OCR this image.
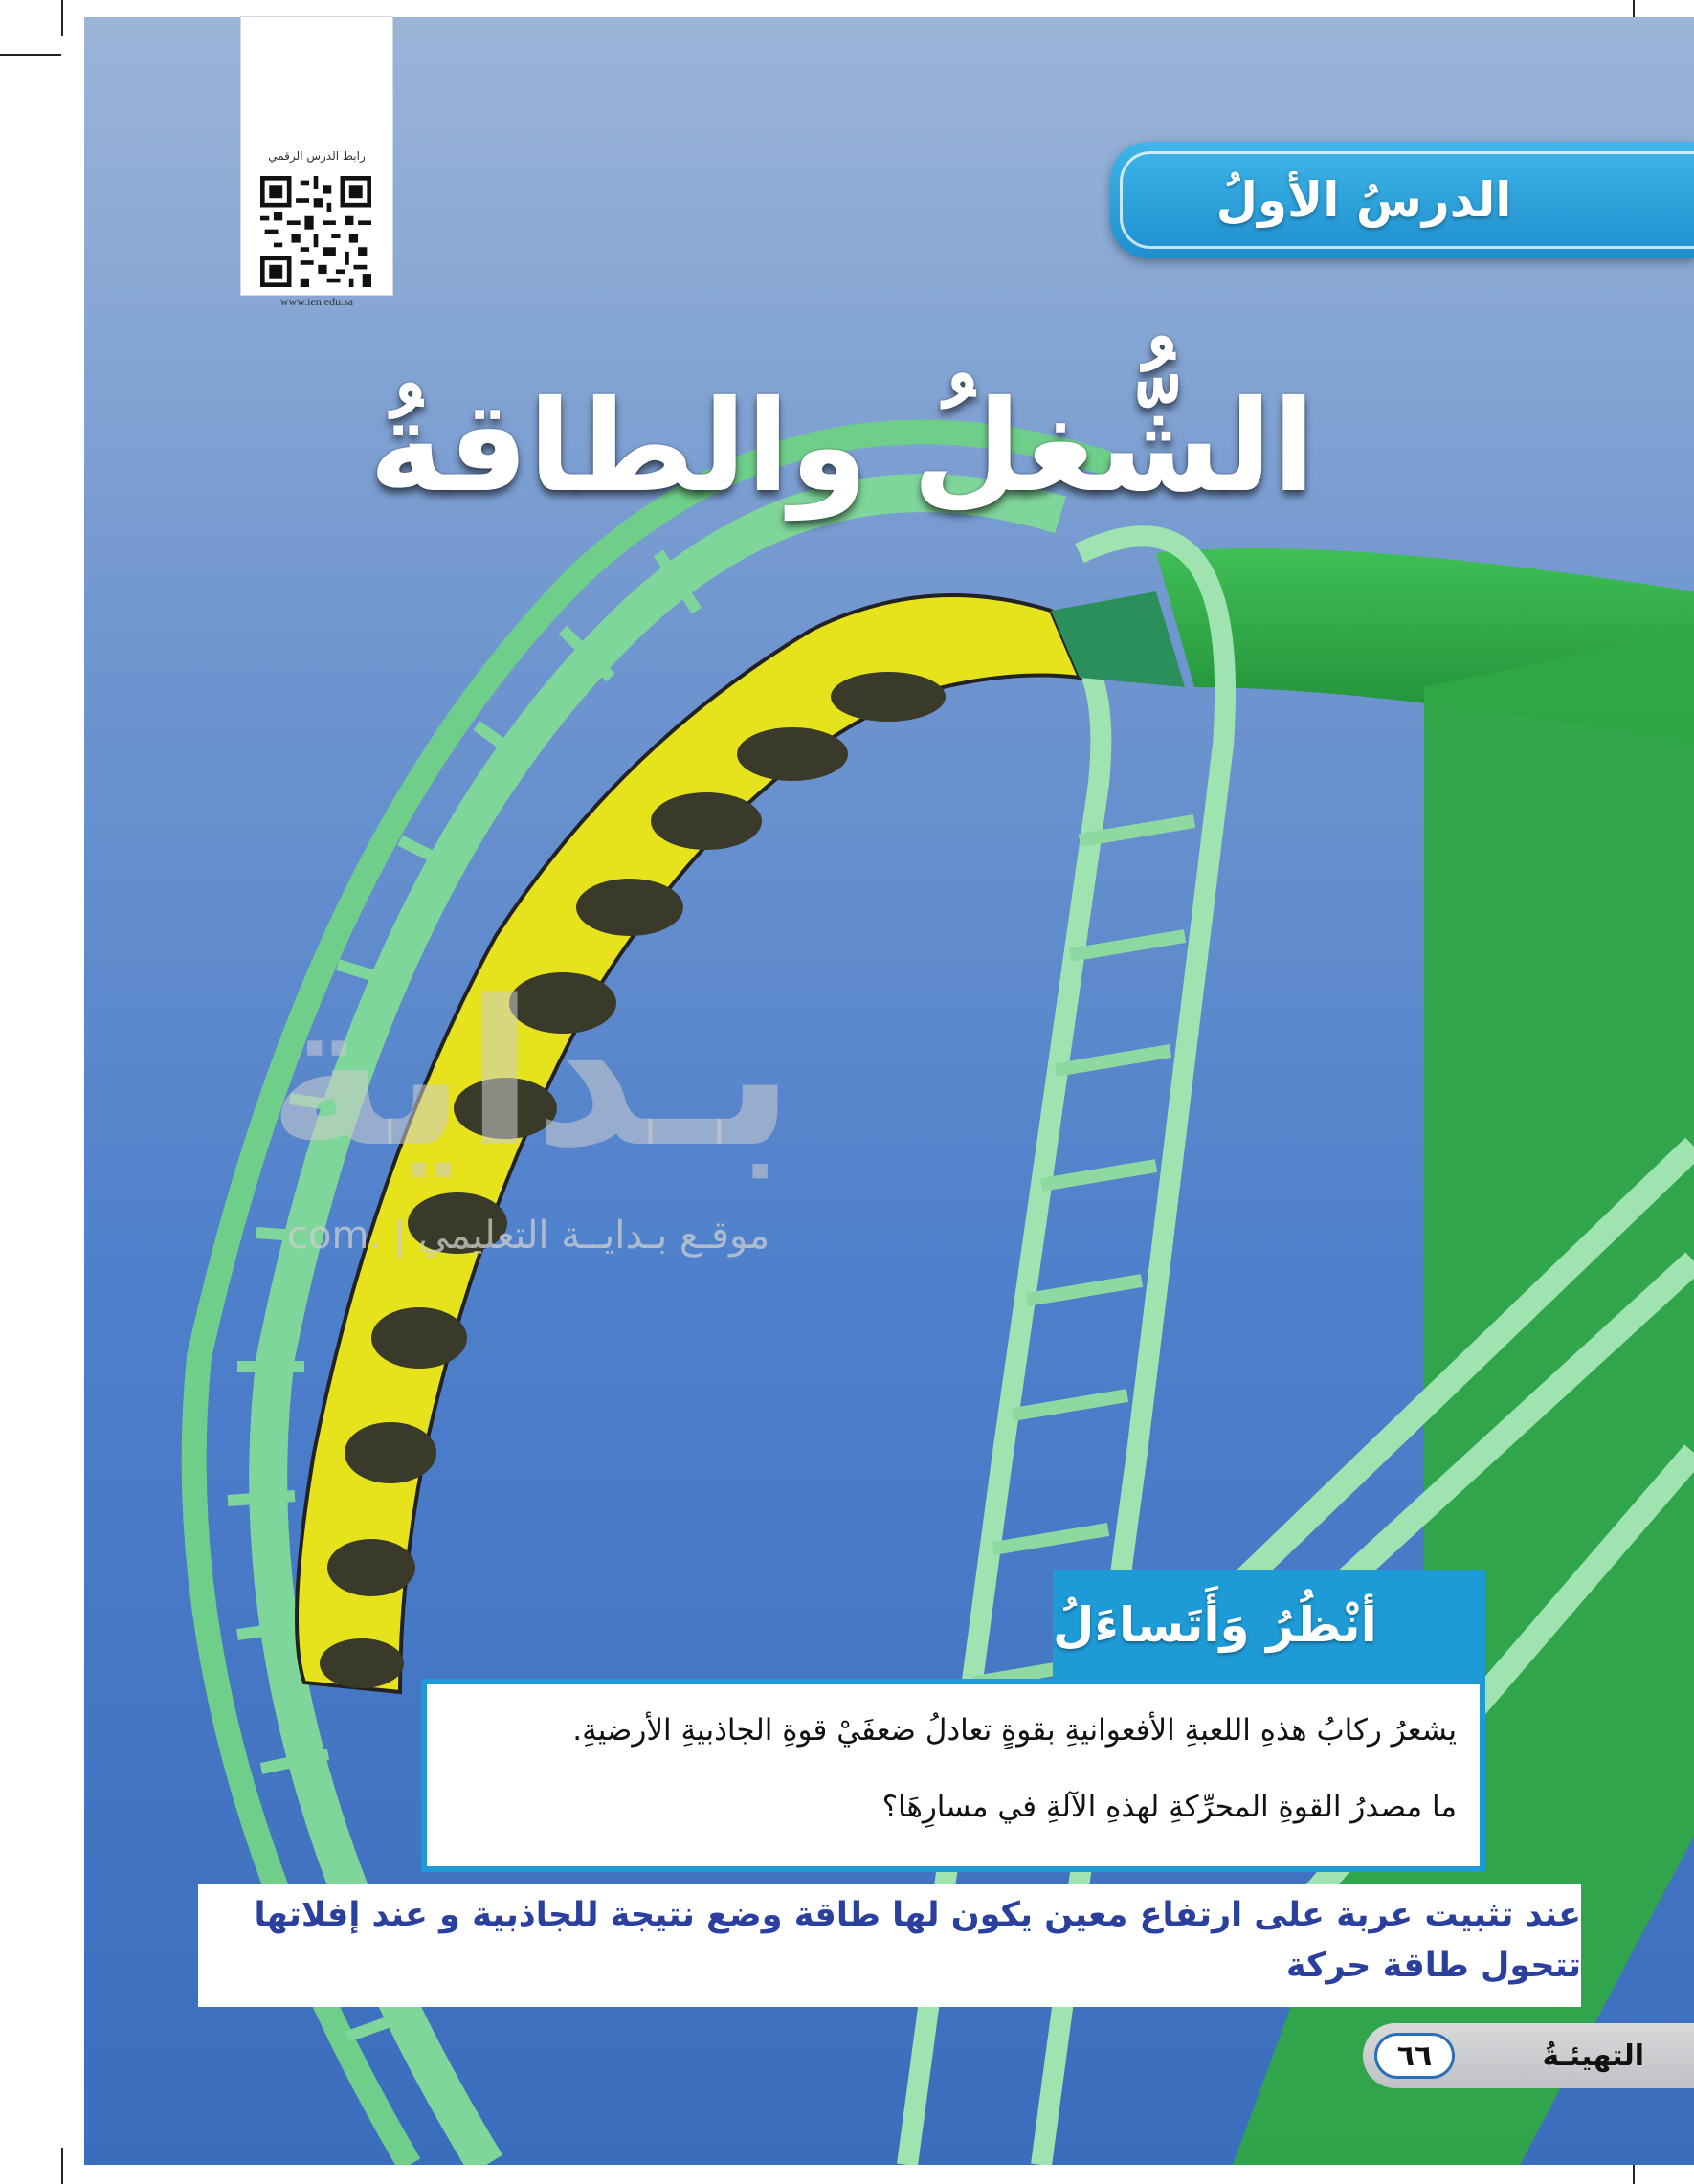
بـداية
موقـع بـدايــة التعليمي | .com
رابط الدرس الرقمي
www.ien.edu.sa
الدرسُ الأولُ
الشُّغلُ والطاقةُ
أنْظُرُ وَأَتَساءَلُ
يشعرُ ركابُ هذهِ اللعبةِ الأفعوانيةِ بقوةٍ تعادلُ ضعفَيْ قوةِ الجاذبيةِ الأرضيةِ.
ما مصدرُ القوةِ المحرِّكةِ لهذهِ الآلةِ في مسارِهَا؟
عند تثبيت عربة على ارتفاع معين يكون لها طاقة وضع نتيجة للجاذبية و عند إفلاتها تتحول طاقة حركة
٦٦	التهيئـةُ
